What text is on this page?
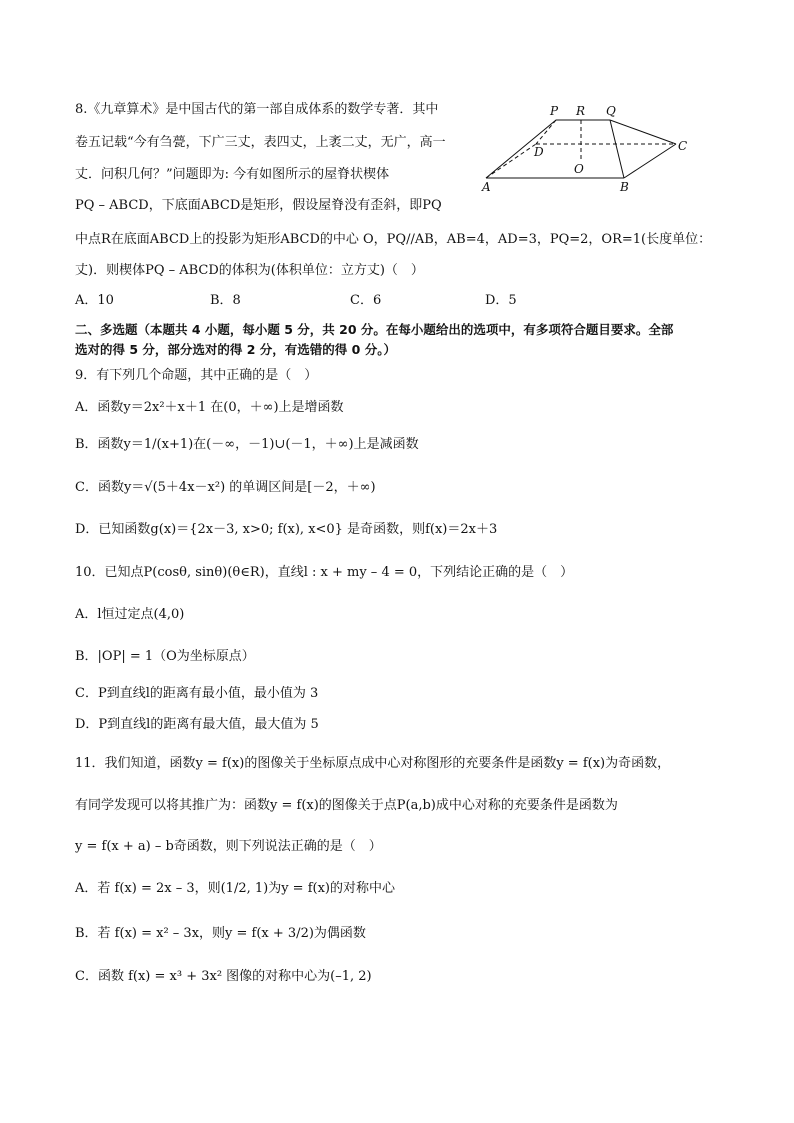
8.《九章算术》是中国古代的第一部自成体系的数学专著．其中
卷五记载“今有刍甍，下广三丈，表四丈，上袤二丈，无广，高一
丈．问积几何？”问题即为: 今有如图所示的屋脊状楔体
PQ – ABCD，下底面ABCD是矩形，假设屋脊没有歪斜，即PQ
中点R在底面ABCD上的投影为矩形ABCD的中心 O，PQ//AB，AB=4，AD=3，PQ=2，OR=1(长度单位：
丈)．则楔体PQ – ABCD的体积为(体积单位：立方丈)（　）
A．10	B．8	C．6	D．5
P R Q
D	C
O
A	B
二、多选题（本题共 4 小题，每小题 5 分，共 20 分。在每小题给出的选项中，有多项符合题目要求。全部
选对的得 5 分，部分选对的得 2 分，有选错的得 0 分。）
9．有下列几个命题，其中正确的是（　）
A．函数y＝2x²＋x＋1 在(0，＋∞)上是增函数
B．函数y＝1/(x+1)在(－∞，－1)∪(－1，＋∞)上是减函数
C．函数y＝√(5＋4x－x²) 的单调区间是[－2，＋∞)
D．已知函数g(x)＝{2x－3, x>0; f(x), x<0} 是奇函数，则f(x)＝2x＋3
10．已知点P(cosθ, sinθ)(θ∈R)，直线l : x + my – 4 = 0，下列结论正确的是（　）
A．l恒过定点(4,0)
B．|OP| = 1（O为坐标原点）
C．P到直线l的距离有最小值，最小值为 3
D．P到直线l的距离有最大值，最大值为 5
11．我们知道，函数y = f(x)的图像关于坐标原点成中心对称图形的充要条件是函数y = f(x)为奇函数，
有同学发现可以将其推广为：函数y = f(x)的图像关于点P(a,b)成中心对称的充要条件是函数为
y = f(x + a) – b奇函数，则下列说法正确的是（　）
A．若 f(x) = 2x – 3，则(1/2, 1)为y = f(x)的对称中心
B．若 f(x) = x² – 3x，则y = f(x + 3/2)为偶函数
C．函数 f(x) = x³ + 3x² 图像的对称中心为(–1, 2)
